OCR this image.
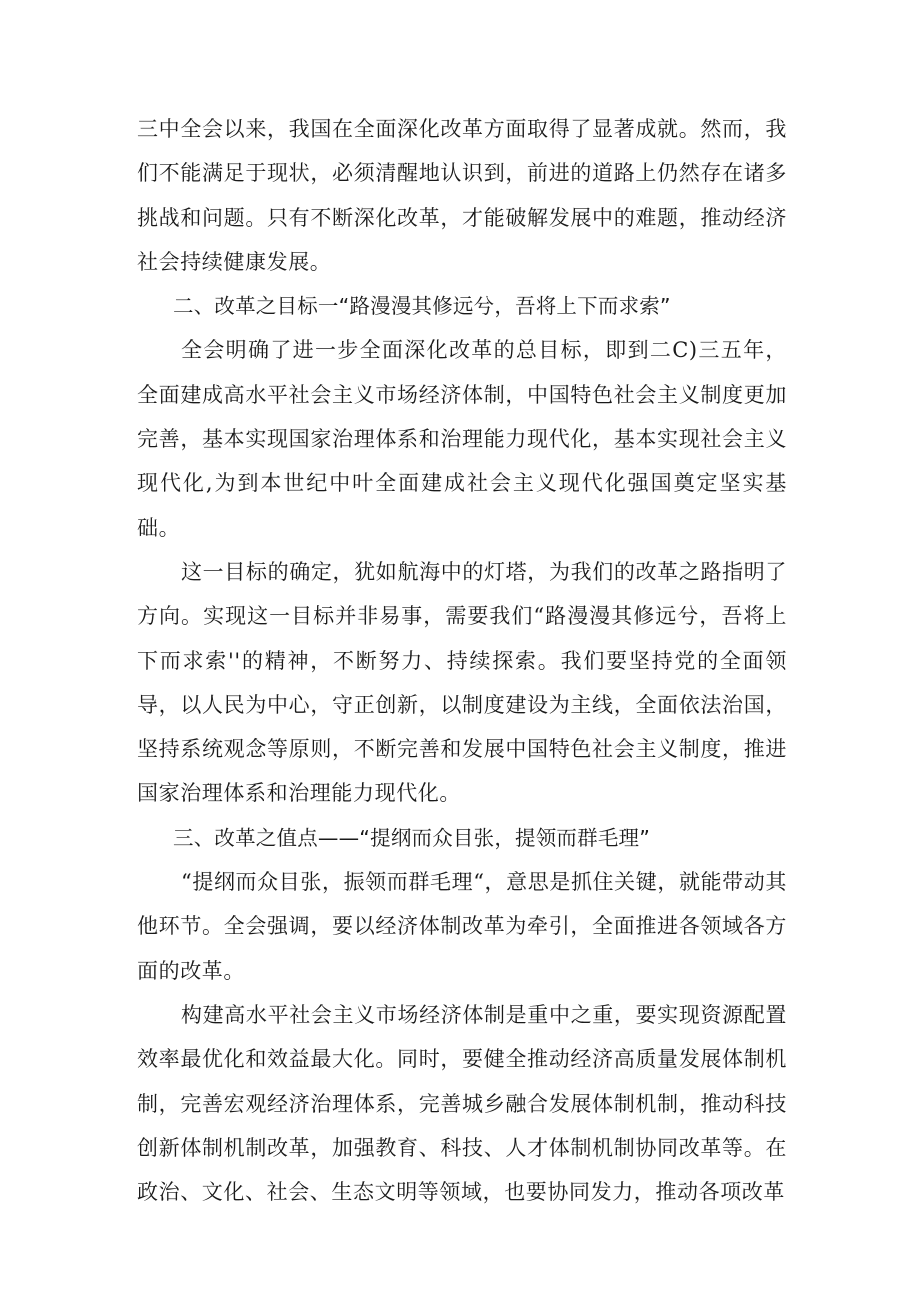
三中全会以来，我国在全面深化改革方面取得了显著成就。然而，我们不能满足于现状，必须清醒地认识到，前进的道路上仍然存在诸多挑战和问题。只有不断深化改革，才能破解发展中的难题，推动经济社会持续健康发展。

二、改革之目标一“路漫漫其修远兮，吾将上下而求索”

全会明确了进一步全面深化改革的总目标，即到二C)三五年，全面建成高水平社会主义市场经济体制，中国特色社会主义制度更加完善，基本实现国家治理体系和治理能力现代化，基本实现社会主义现代化,为到本世纪中叶全面建成社会主义现代化强国奠定坚实基础。

这一目标的确定，犹如航海中的灯塔，为我们的改革之路指明了方向。实现这一目标并非易事，需要我们“路漫漫其修远兮，吾将上下而求索''的精神，不断努力、持续探索。我们要坚持党的全面领导，以人民为中心，守正创新，以制度建设为主线，全面依法治国，坚持系统观念等原则，不断完善和发展中国特色社会主义制度，推进国家治理体系和治理能力现代化。

三、改革之值点——“提纲而众目张，提领而群毛理”

“提纲而众目张，振领而群毛理“，意思是抓住关键，就能带动其他环节。全会强调，要以经济体制改革为牵引，全面推进各领域各方面的改革。

构建高水平社会主义市场经济体制是重中之重，要实现资源配置效率最优化和效益最大化。同时，要健全推动经济高质量发展体制机制，完善宏观经济治理体系，完善城乡融合发展体制机制，推动科技创新体制机制改革，加强教育、科技、人才体制机制协同改革等。在政治、文化、社会、生态文明等领域，也要协同发力，推动各项改革
